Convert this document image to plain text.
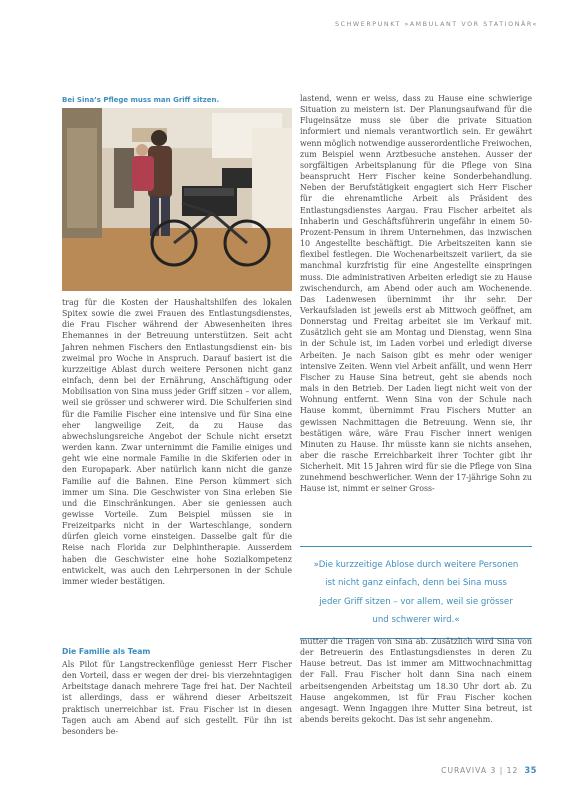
SCHWERPUNKT »AMBULANT VOR STATIONÄR«
Bei Sina’s Pflege muss man Griff sitzen.

trag für die Kosten der Haushaltshilfen des lokalen Spitex sowie die zwei Frauen des Entlastungsdienstes, die Frau Fischer während der Abwesenheiten ihres Ehemannes in der Betreuung unterstützen. Seit acht Jahren nehmen Fischers den Entlastungsdienst ein- bis zweimal pro Woche in Anspruch. Darauf basiert ist die kurzzeitige Ablast durch weitere Personen nicht ganz einfach, denn bei der Ernährung, Anschäftigung oder Mobilisation von Sina muss jeder Griff sitzen – vor allem, weil sie grösser und schwerer wird. Die Schulferien sind für die Familie Fischer eine intensive und für Sina eine eher langweilige Zeit, da zu Hause das abwechslungsreiche Angebot der Schule nicht ersetzt werden kann. Zwar unternimmt die Familie einiges und geht wie eine normale Familie in die Skiferien oder in den Europapark. Aber natürlich kann nicht die ganze Familie auf die Bahnen. Eine Person kümmert sich immer um Sina. Die Geschwister von Sina erleben Sie und die Einschränkungen. Aber sie geniessen auch gewisse Vorteile. Zum Beispiel müssen sie in Freizeitparks nicht in der Warteschlange, sondern dürfen gleich vorne einsteigen. Dasselbe galt für die Reise nach Florida zur Delphintherapie. Ausserdem haben die Geschwister eine hohe Sozialkompetenz entwickelt, was auch den Lehrpersonen in der Schule immer wieder bestätigen.

Die Familie als Team

Als Pilot für Langstreckenflüge geniesst Herr Fischer den Vorteil, dass er wegen der drei- bis vierzehntagigen Arbeitstage danach mehrere Tage frei hat. Der Nachteil ist allerdings, dass er während dieser Arbeitszeit praktisch unerreichbar ist. Frau Fischer ist in diesen Tagen auch am Abend auf sich gestellt. Für ihn ist besonders be-

lastend, wenn er weiss, dass zu Hause eine schwierige Situation zu meistern ist. Der Planungsaufwand für die Flugeinsätze muss sie über die private Situation informiert und niemals verantwortlich sein. Er gewährt wenn möglich notwendige ausserordentliche Freiwochen, zum Beispiel wenn Arztbesuche anstehen. Ausser der sorgfältigen Arbeitsplanung für die Pflege von Sina beansprucht Herr Fischer keine Sonderbehandlung. Neben der Berufstätigkeit engagiert sich Herr Fischer für die ehrenamtliche Arbeit als Präsident des Entlastungsdienstes Aargau. Frau Fischer arbeitet als Inhaberin und Geschäftsführerin ungefähr in einem 50-Prozent-Pensum in ihrem Unternehmen, das inzwischen 10 Angestellte beschäftigt. Die Arbeitszeiten kann sie flexibel festlegen. Die Wochenarbeitszeit variiert, da sie manchmal kurzfristig für eine Angestellte einspringen muss. Die administrativen Arbeiten erledigt sie zu Hause zwischendurch, am Abend oder auch am Wochenende. Das Ladenwesen übernimmt ihr ihr sehr. Der Verkaufsladen ist jeweils erst ab Mittwoch geöffnet, am Donnerstag und Freitag arbeitet sie im Verkauf mit. Zusätzlich geht sie am Montag und Dienstag, wenn Sina in der Schule ist, im Laden vorbei und erledigt diverse Arbeiten. Je nach Saison gibt es mehr oder weniger intensive Zeiten. Wenn viel Arbeit anfällt, und wenn Herr Fischer zu Hause Sina betreut, geht sie abends noch mals in den Betrieb. Der Laden liegt nicht weit von der Wohnung entfernt. Wenn Sina von der Schule nach Hause kommt, übernimmt Frau Fischers Mutter an gewissen Nachmittagen die Betreuung. Wenn sie, ihr bestätigen wäre, wäre Frau Fischer innert wenigen Minuten zu Hause. Ihr müsste kann sie nichts ansehen, aber die rasche Erreichbarkeit ihrer Tochter gibt ihr Sicherheit. Mit 15 Jahren wird für sie die Pflege von Sina zunehmend beschwerlicher. Wenn der 17-jährige Sohn zu Hause ist, nimmt er seiner Gross-

»Die kurzzeitige Ablose durch weitere Personen

ist nicht ganz einfach, denn bei Sina muss

jeder Griff sitzen – vor allem, weil sie grösser

und schwerer wird.«

mutter die Tragen von Sina ab. Zusätzlich wird Sina von der Betreuerin des Entlastungsdienstes in deren Zu Hause betreut. Das ist immer am Mittwochnachmittag der Fall. Frau Fischer holt dann Sina nach einem arbeitsengenden Arbeitstag um 18.30 Uhr dort ab. Zu Hause angekommen, ist für Frau Fischer kochen angesagt. Wenn Ingaggen ihre Mutter Sina betreut, ist abends bereits gekocht. Das ist sehr angenehm.

CURAVIVA 3 | 12 35
